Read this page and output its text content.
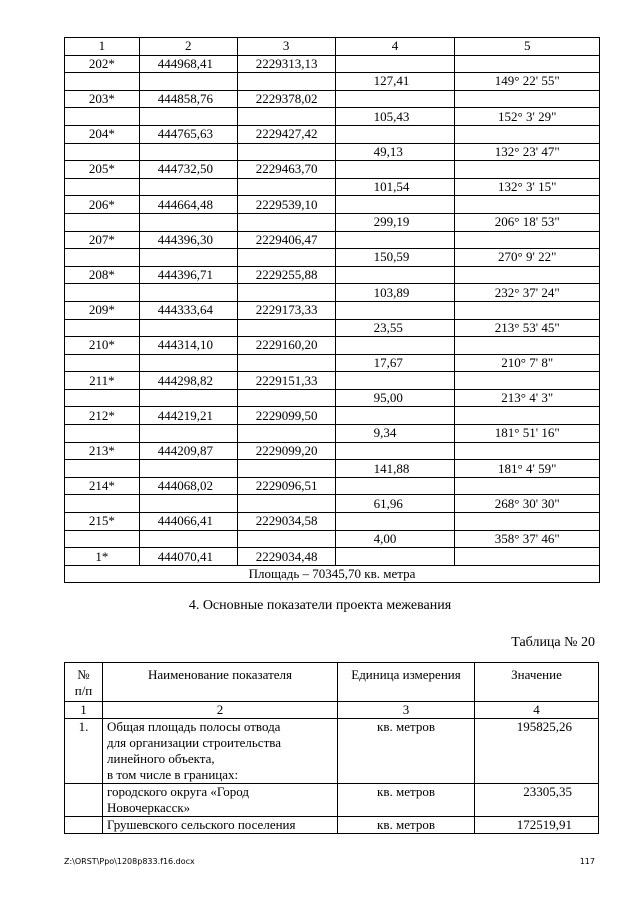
1	2	3	4	5
202*	444968,41	2229313,13		
			127,41	149° 22' 55"
203*	444858,76	2229378,02		
			105,43	152° 3' 29"
204*	444765,63	2229427,42		
			49,13	132° 23' 47"
205*	444732,50	2229463,70		
			101,54	132° 3' 15"
206*	444664,48	2229539,10		
			299,19	206° 18' 53"
207*	444396,30	2229406,47		
			150,59	270° 9' 22"
208*	444396,71	2229255,88		
			103,89	232° 37' 24"
209*	444333,64	2229173,33		
			23,55	213° 53' 45"
210*	444314,10	2229160,20		
			17,67	210° 7' 8"
211*	444298,82	2229151,33		
			95,00	213° 4' 3"
212*	444219,21	2229099,50		
			9,34	181° 51' 16"
213*	444209,87	2229099,20		
			141,88	181° 4' 59"
214*	444068,02	2229096,51		
			61,96	268° 30' 30"
215*	444066,41	2229034,58		
			4,00	358° 37' 46"
1*	444070,41	2229034,48		
Площадь – 70345,70 кв. метра				
4. Основные показатели проекта межевания
Таблица № 20
№
п/п	Наименование показателя	Единица измерения	Значение
1	2	3	4
1.	Общая площадь полосы отвода
для организации строительства
линейного объекта,
в том числе в границах:	кв. метров	195825,26
	городского округа «Город
Новочеркасск»	кв. метров	23305,35
	Грушевского сельского поселения	кв. метров	172519,91
Z:\ORST\Ppo\1208p833.f16.docx	117
